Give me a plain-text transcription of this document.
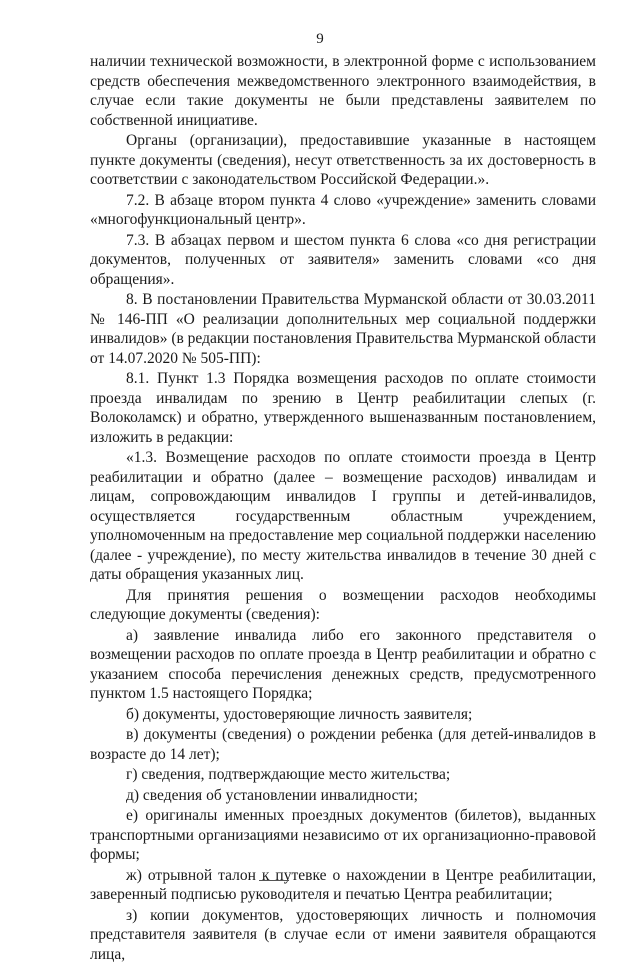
9

наличии технической возможности, в электронной форме с использованием средств обеспечения межведомственного электронного взаимодействия, в случае если такие документы не были представлены заявителем по собственной инициативе.

Органы (организации), предоставившие указанные в настоящем пункте документы (сведения), несут ответственность за их достоверность в соответствии с законодательством Российской Федерации.».

7.2. В абзаце втором пункта 4 слово «учреждение» заменить словами «многофункциональный центр».

7.3. В абзацах первом и шестом пункта 6 слова «со дня регистрации документов, полученных от заявителя» заменить словами «со дня обращения».

8. В постановлении Правительства Мурманской области от 30.03.2011 № 146-ПП «О реализации дополнительных мер социальной поддержки инвалидов» (в редакции постановления Правительства Мурманской области от 14.07.2020 № 505-ПП):

8.1. Пункт 1.3 Порядка возмещения расходов по оплате стоимости проезда инвалидам по зрению в Центр реабилитации слепых (г. Волоколамск) и обратно, утвержденного вышеназванным постановлением, изложить в редакции:

«1.3. Возмещение расходов по оплате стоимости проезда в Центр реабилитации и обратно (далее – возмещение расходов) инвалидам и лицам, сопровождающим инвалидов I группы и детей-инвалидов, осуществляется государственным областным учреждением, уполномоченным на предоставление мер социальной поддержки населению (далее - учреждение), по месту жительства инвалидов в течение 30 дней с даты обращения указанных лиц.

Для принятия решения о возмещении расходов необходимы следующие документы (сведения):

а) заявление инвалида либо его законного представителя о возмещении расходов по оплате проезда в Центр реабилитации и обратно с указанием способа перечисления денежных средств, предусмотренного пунктом 1.5 настоящего Порядка;

б) документы, удостоверяющие личность заявителя;

в) документы (сведения) о рождении ребенка (для детей-инвалидов в возрасте до 14 лет);

г) сведения, подтверждающие место жительства;

д) сведения об установлении инвалидности;

е) оригиналы именных проездных документов (билетов), выданных транспортными организациями независимо от их организационно-правовой формы;

ж) отрывной талон к путевке о нахождении в Центре реабилитации, заверенный подписью руководителя и печатью Центра реабилитации;

з) копии документов, удостоверяющих личность и полномочия представителя заявителя (в случае если от имени заявителя обращаются лица,
